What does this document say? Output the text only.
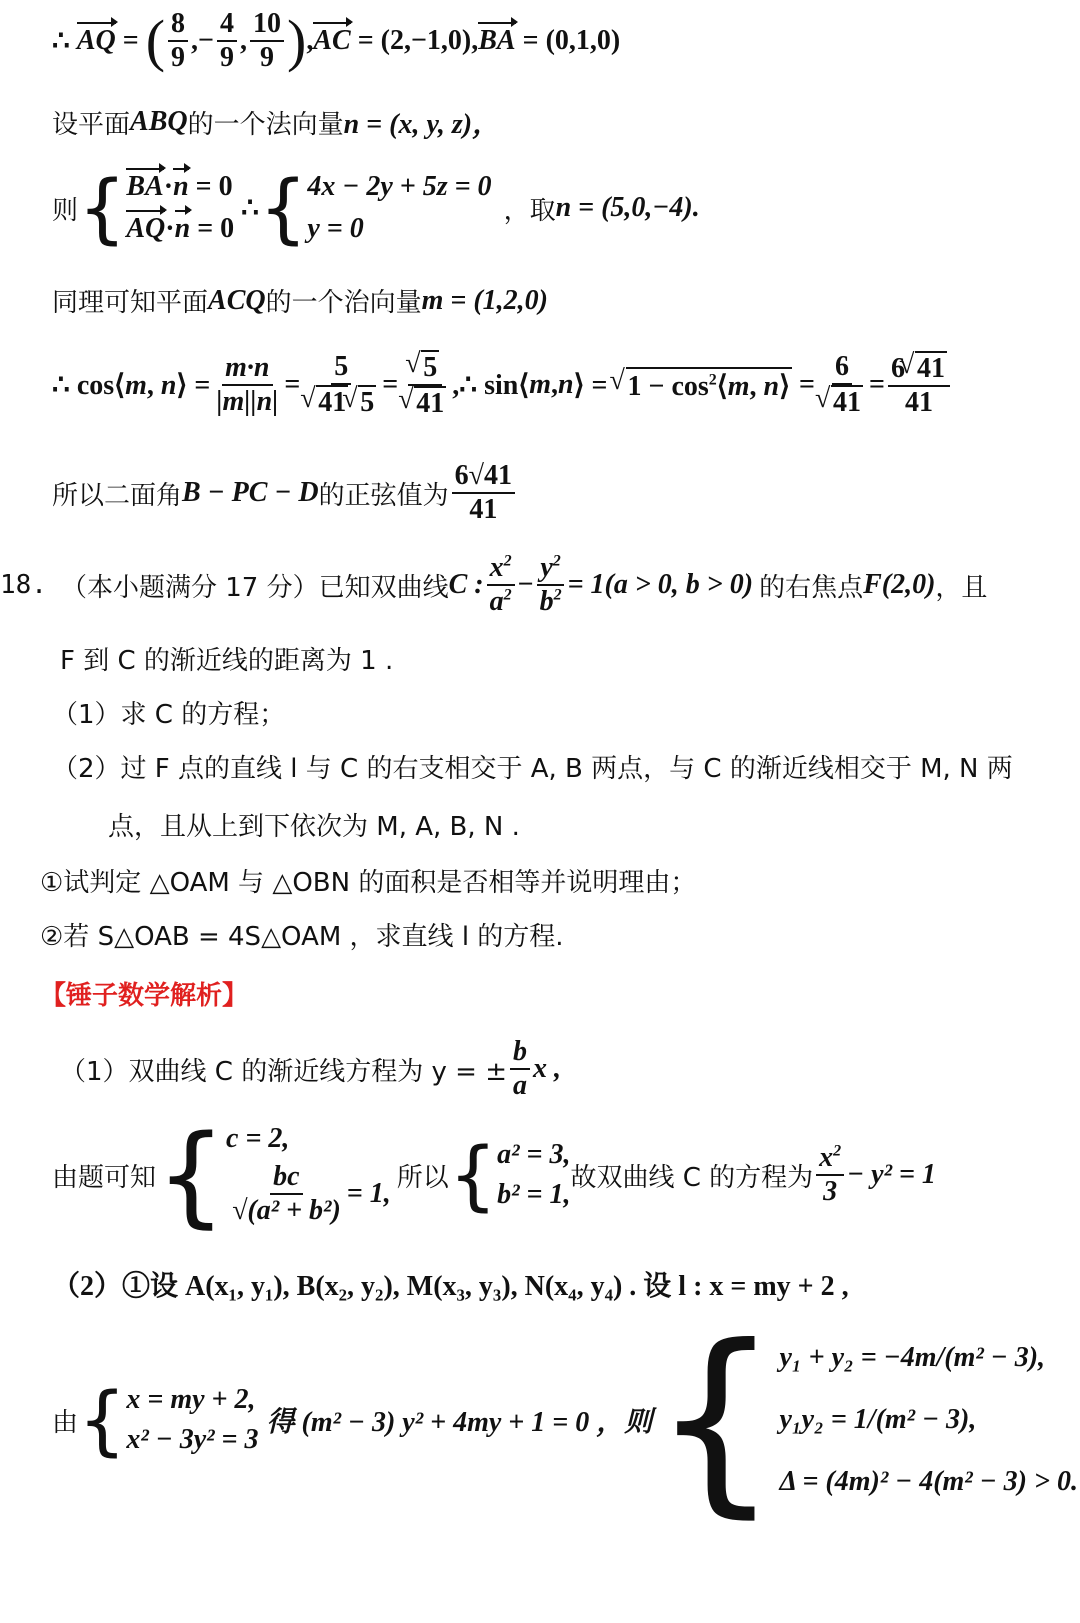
∴ AQ = ( $\frac{8}{9}$ ,− $\frac{4}{9}$ , $\frac{10}{9}$ ) , AC = (2,−1,0), BA = (0,1,0)
设平面 ABQ 的一个法向量 n = (x, y, z)，
则 { BA·n = 0
AQ·n = 0
∴ { 4x − 2y + 5z = 0
y = 0
，取 n = (5,0,−4).
同理可知平面 ACQ 的一个治向量 m = (1,2,0)
∴ cos⟨m, n⟩ = $\frac{m\cdot n}{|m||n|} = 5$
√ 41 √ 5 = √ 5
√ 41 ,∴ sin⟨ m , n ⟩ = √ $1 - \cos^2⟨m$, n⟩ = 6
√ $41 = \frac{6 √ 41}{41}$
所以二面角 B − PC − D 的正弦值为 $\frac{6√41}{41}$
18. （本小题满分 17 分）已知双曲线 C : $\frac{x^2}{a^2} - \frac{y^2}{b^2} = 1(a > 0$, b > 0) 的右焦点 F(2,0) ，且
F 到 C 的渐近线的距离为 1 .
（1）求 C 的方程；
（2）过 F 点的直线 l 与 C 的右支相交于 A, B 两点，与 C 的渐近线相交于 M, N 两
点，且从上到下依次为 M, A, B, N .
①试判定 △OAM 与 △OBN 的面积是否相等并说明理由；
②若 S△OAB = 4S△OAM ，求直线 l 的方程.
【锤子数学解析】
（1）双曲线 C 的渐近线方程为 y = ± $\frac{b}{a}$ x ,
由题可知 { c = 2,
$\frac{bc}{\text{√(a² + b²)}} = 1$,
所以 { a² = 3,
b² = 1,
故双曲线 C 的方程为 $\frac{x^2}{3} - y^2 = 1$
（2）①设 A(x₁, y₁), B(x₂, y₂), M(x₃, y₃), N(x₄, y₄) . 设 l : x = my + 2 ,
由 { x = my + 2,
x² − 3y² = 3
得 (m² − 3) y² + 4my + 1 = 0 ，则 { y₁ + y₂ = −4m/(m² − 3),
y₁y₂ = 1/(m² − 3),
Δ = (4m)² − 4(m² − 3) > 0.
